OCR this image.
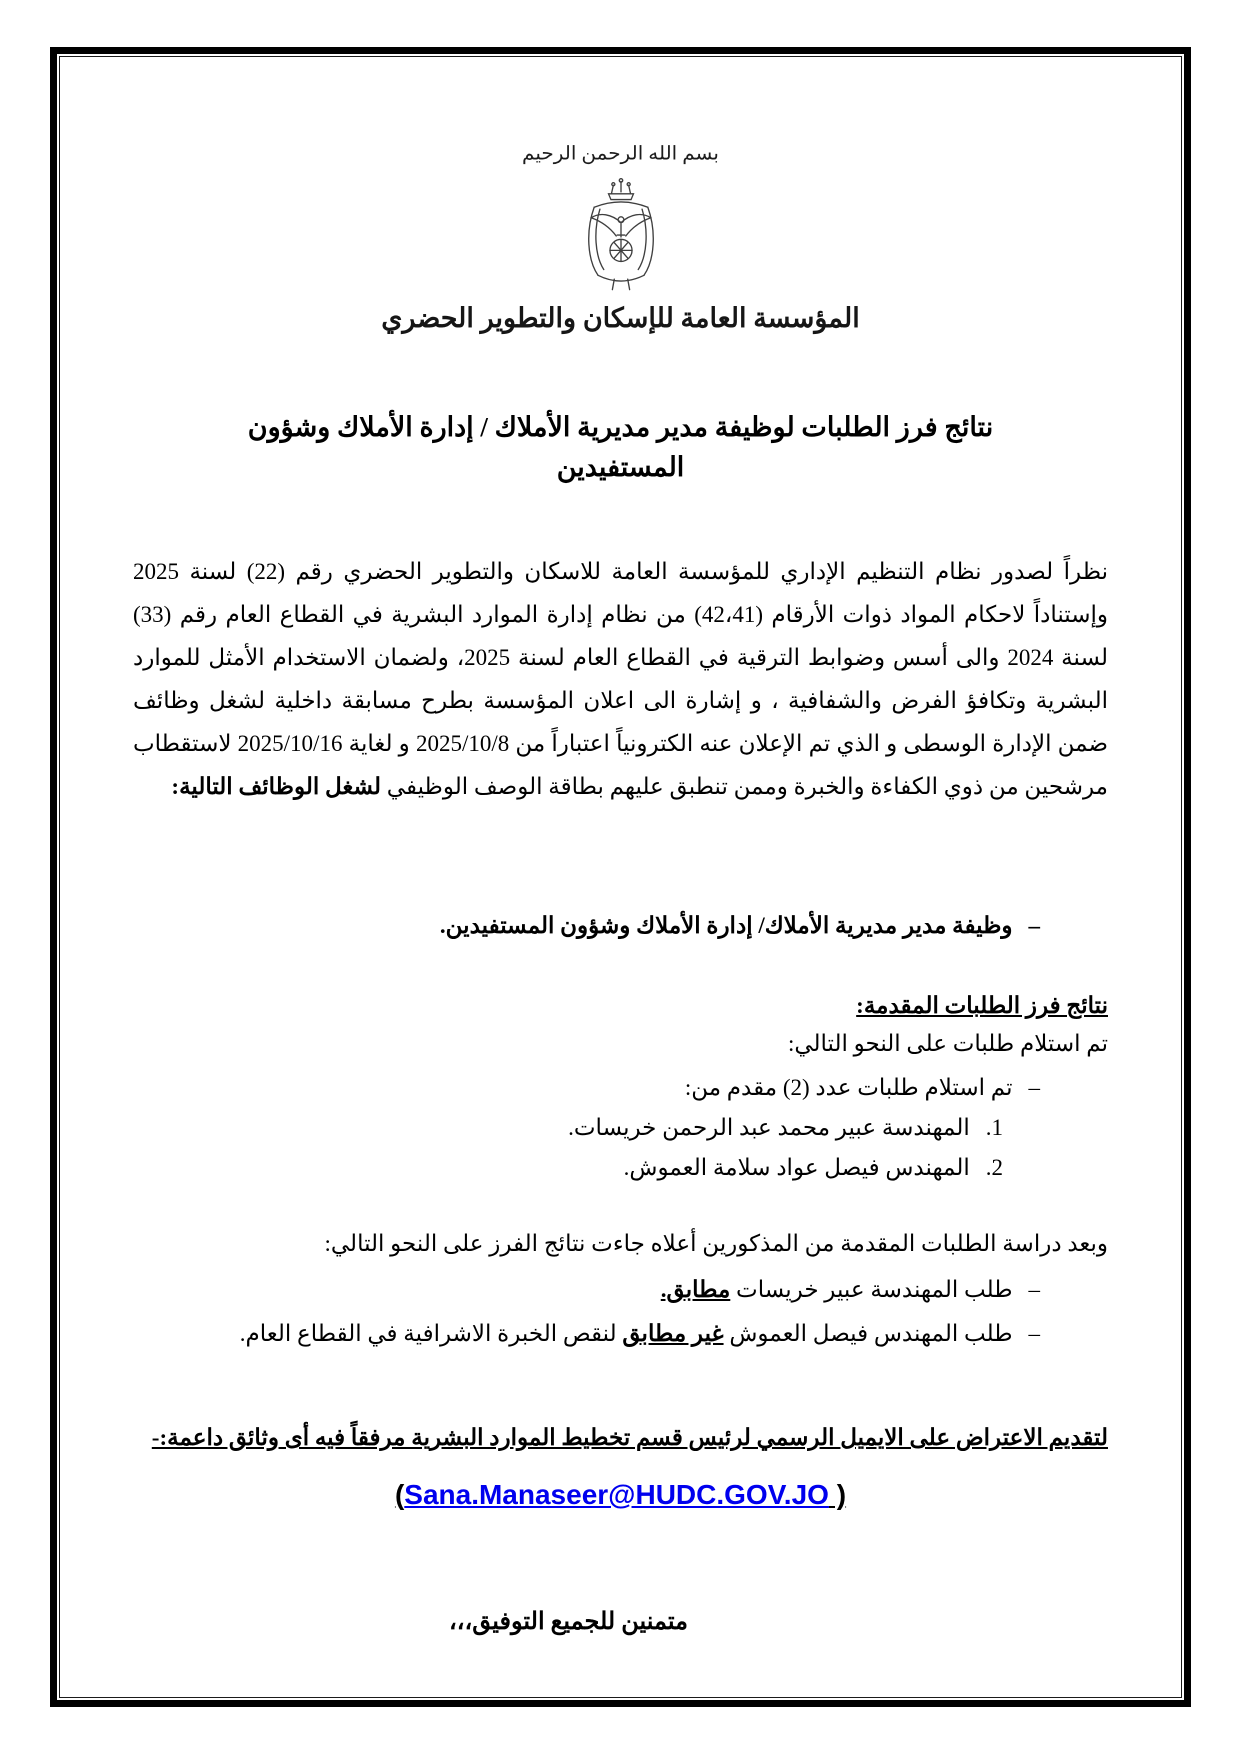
بسم الله الرحمن الرحيم
المؤسسة العامة للإسكان والتطوير الحضري
نتائج فرز الطلبات لوظيفة مدير مديرية الأملاك / إدارة الأملاك وشؤون
المستفيدين

نظراً لصدور نظام التنظيم الإداري للمؤسسة العامة للاسكان والتطوير الحضري رقم (22) لسنة 2025 وإستناداً لاحكام المواد ذوات الأرقام (⁦42،41⁩) من نظام إدارة الموارد البشرية في القطاع العام رقم (33) لسنة 2024 والى أسس وضوابط الترقية في القطاع العام لسنة 2025، ولضمان الاستخدام الأمثل للموارد البشرية وتكافؤ الفرض والشفافية ، و إشارة الى اعلان المؤسسة بطرح مسابقة داخلية لشغل وظائف ضمن الإدارة الوسطى و الذي تم الإعلان عنه الكترونياً اعتباراً من ⁦2025/10/8⁩ و لغاية ⁦2025/10/16⁩ لاستقطاب مرشحين من ذوي الكفاءة والخبرة وممن تنطبق عليهم بطاقة الوصف الوظيفي لشغل الوظائف التالية:

–وظيفة مدير مديرية الأملاك/ إدارة الأملاك وشؤون المستفيدين.
نتائج فرز الطلبات المقدمة:
تم استلام طلبات على النحو التالي:
–تم استلام طلبات عدد (2) مقدم من:
1.المهندسة عبير محمد عبد الرحمن خريسات.
2.المهندس فيصل عواد سلامة العموش.
وبعد دراسة الطلبات المقدمة من المذكورين أعلاه جاءت نتائج الفرز على النحو التالي:
–طلب المهندسة عبير خريسات مطابق.
–طلب المهندس فيصل العموش غير مطابق لنقص الخبرة الاشرافية في القطاع العام.

لتقديم الاعتراض على الايميل الرسمي لرئيس قسم تخطيط الموارد البشرية مرفقاً فيه أى وثائق داعمة:-

(Sana.Manaseer@HUDC.GOV.JO )
متمنين للجميع التوفيق،،،
